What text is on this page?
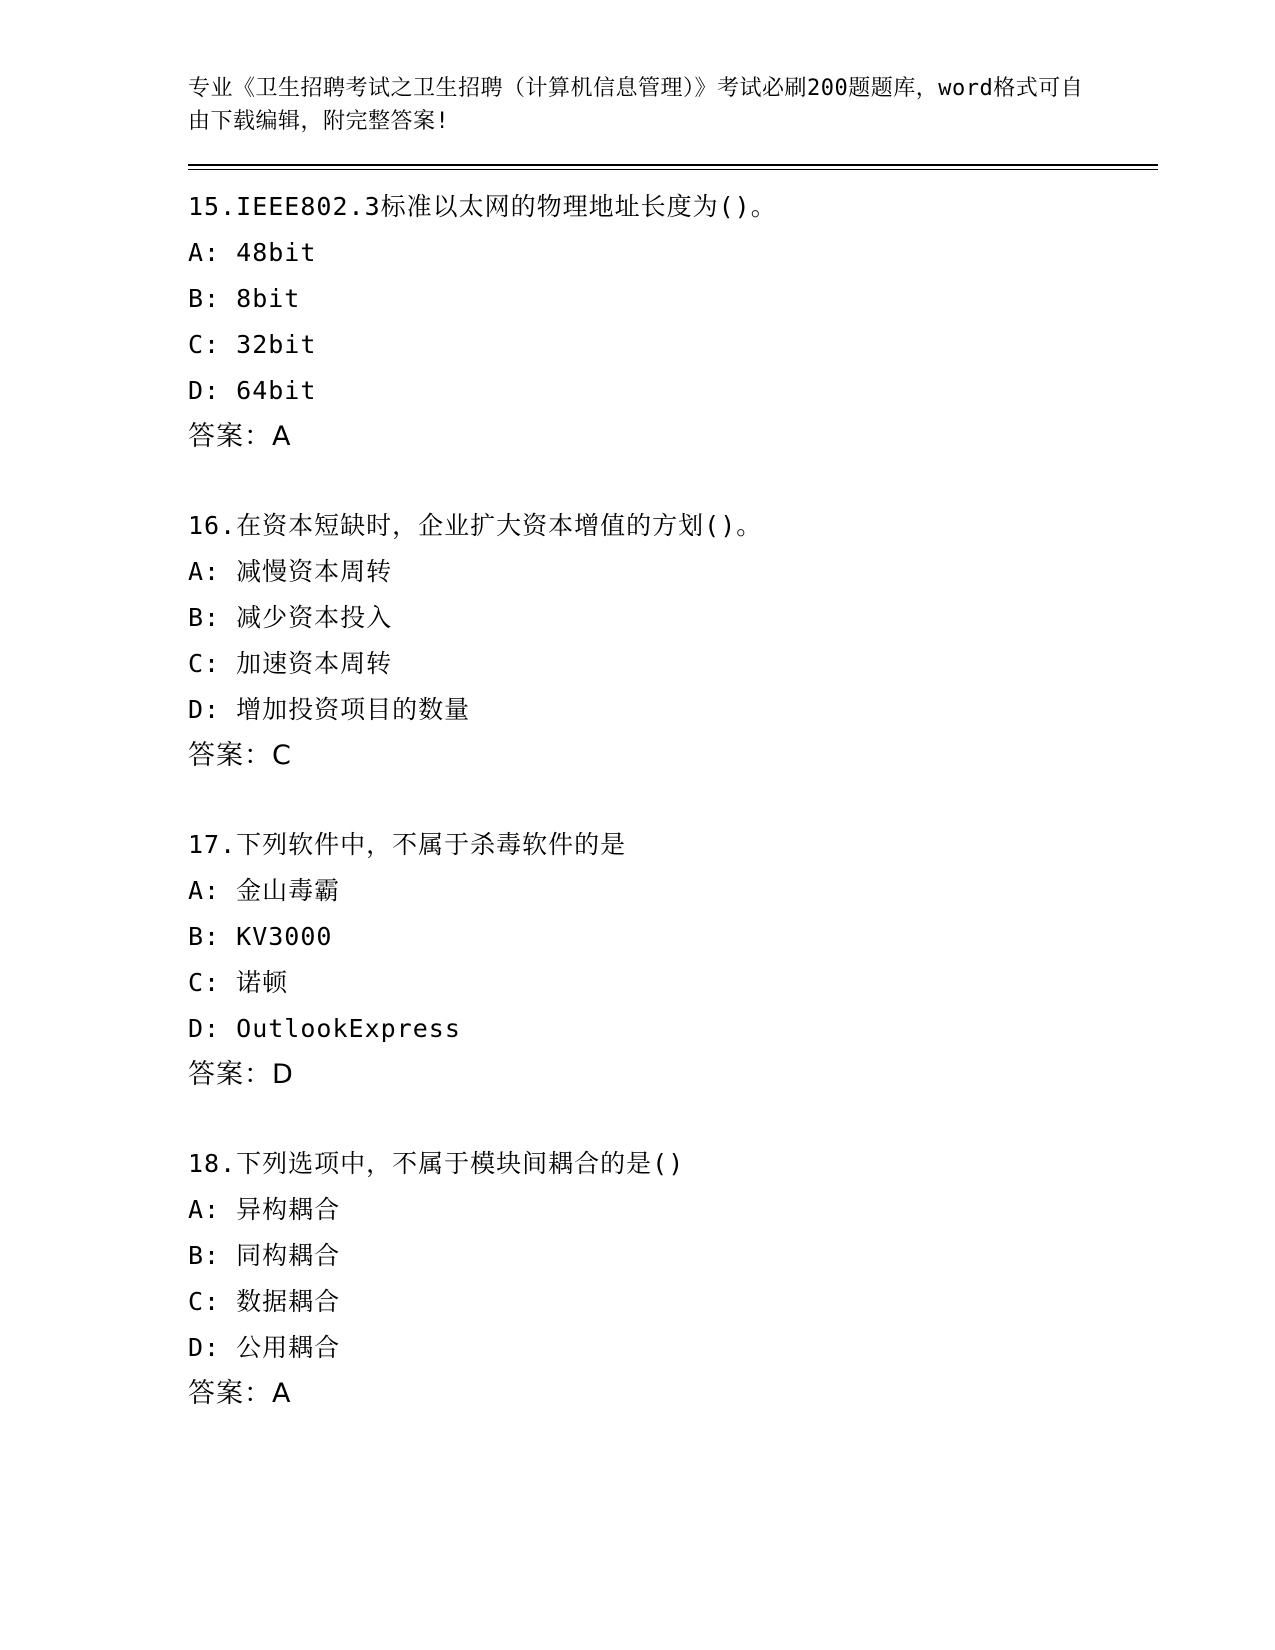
专业《卫生招聘考试之卫生招聘（计算机信息管理）》考试必刷200题题库，word格式可自由下载编辑，附完整答案!

15.IEEE802.3标准以太网的物理地址长度为()。
A: 48bit
B: 8bit
C: 32bit
D: 64bit
答案：A
16.在资本短缺时，企业扩大资本增值的方划()。
A: 减慢资本周转
B: 减少资本投入
C: 加速资本周转
D: 增加投资项目的数量
答案：C
17.下列软件中，不属于杀毒软件的是
A: 金山毒霸
B: KV3000
C: 诺顿
D: OutlookExpress
答案：D
18.下列选项中，不属于模块间耦合的是()
A: 异构耦合
B: 同构耦合
C: 数据耦合
D: 公用耦合
答案：A
